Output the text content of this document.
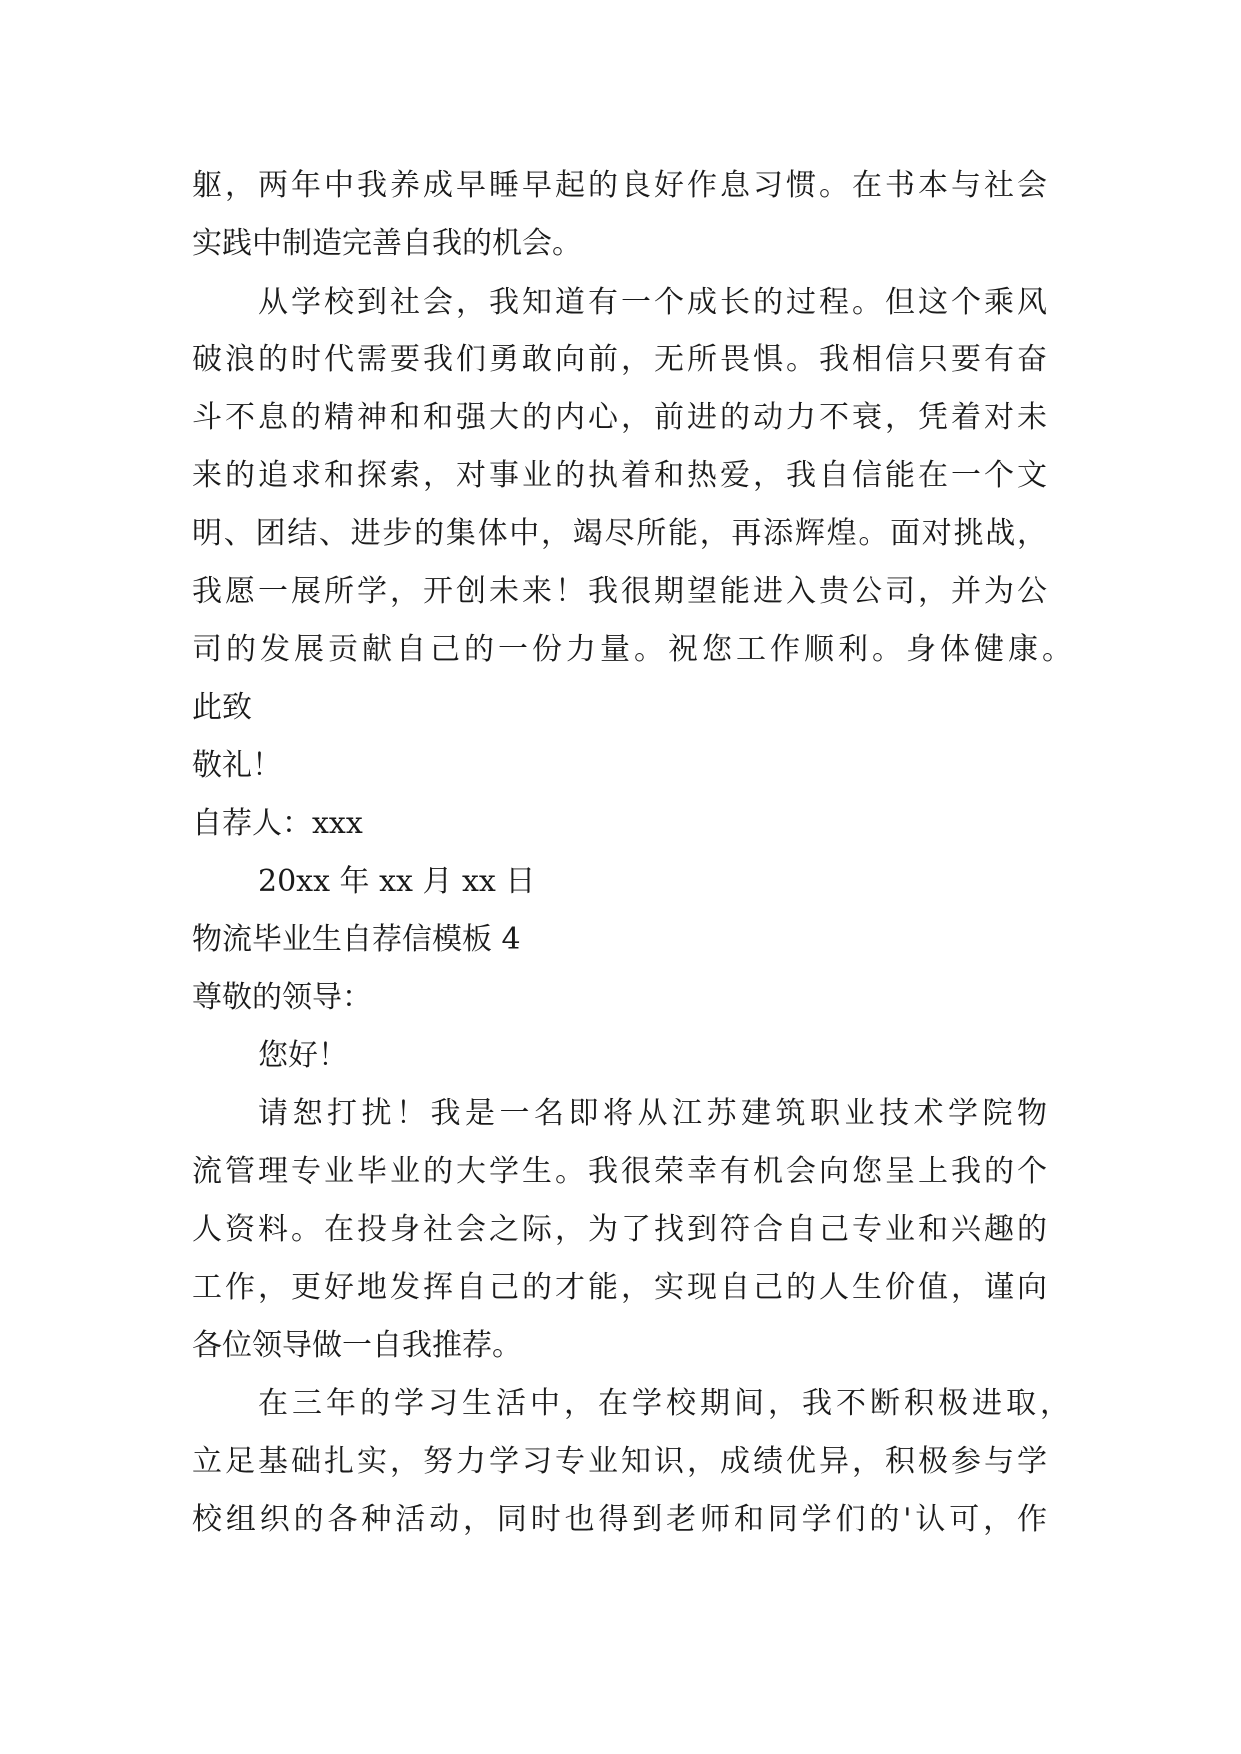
躯，两年中我养成早睡早起的良好作息习惯。在书本与社会
实践中制造完善自我的机会。
从学校到社会，我知道有一个成长的过程。但这个乘风
破浪的时代需要我们勇敢向前，无所畏惧。我相信只要有奋
斗不息的精神和和强大的内心，前进的动力不衰，凭着对未
来的追求和探索，对事业的执着和热爱，我自信能在一个文
明、团结、进步的集体中，竭尽所能，再添辉煌。面对挑战，
我愿一展所学，开创未来！我很期望能进入贵公司，并为公
司的发展贡献自己的一份力量。祝您工作顺利。身体健康。
此致
敬礼！
自荐人：xxx
20xx 年 xx 月 xx 日
物流毕业生自荐信模板 4
尊敬的领导：
您好！
请恕打扰！我是一名即将从江苏建筑职业技术学院物
流管理专业毕业的大学生。我很荣幸有机会向您呈上我的个
人资料。在投身社会之际，为了找到符合自己专业和兴趣的
工作，更好地发挥自己的才能，实现自己的人生价值，谨向
各位领导做一自我推荐。
在三年的学习生活中，在学校期间，我不断积极进取，
立足基础扎实，努力学习专业知识，成绩优异，积极参与学
校组织的各种活动，同时也得到老师和同学们的'认可，作
